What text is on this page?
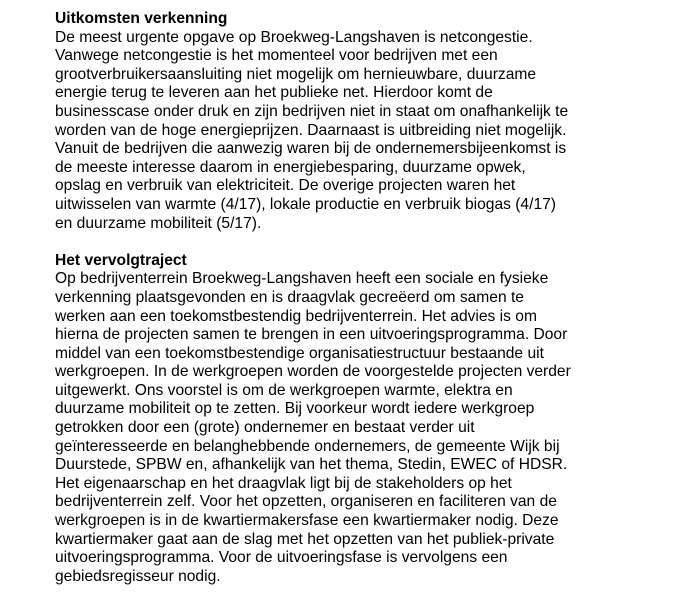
Uitkomsten verkenning
De meest urgente opgave op Broekweg-Langshaven is netcongestie.
Vanwege netcongestie is het momenteel voor bedrijven met een
grootverbruikersaansluiting niet mogelijk om hernieuwbare, duurzame
energie terug te leveren aan het publieke net. Hierdoor komt de
businesscase onder druk en zijn bedrijven niet in staat om onafhankelijk te
worden van de hoge energieprijzen. Daarnaast is uitbreiding niet mogelijk.
Vanuit de bedrijven die aanwezig waren bij de ondernemersbijeenkomst is
de meeste interesse daarom in energiebesparing, duurzame opwek,
opslag en verbruik van elektriciteit. De overige projecten waren het
uitwisselen van warmte (4/17), lokale productie en verbruik biogas (4/17)
en duurzame mobiliteit (5/17).
Het vervolgtraject
Op bedrijventerrein Broekweg-Langshaven heeft een sociale en fysieke
verkenning plaatsgevonden en is draagvlak gecreëerd om samen te
werken aan een toekomstbestendig bedrijventerrein. Het advies is om
hierna de projecten samen te brengen in een uitvoeringsprogramma. Door
middel van een toekomstbestendige organisatiestructuur bestaande uit
werkgroepen. In de werkgroepen worden de voorgestelde projecten verder
uitgewerkt. Ons voorstel is om de werkgroepen warmte, elektra en
duurzame mobiliteit op te zetten. Bij voorkeur wordt iedere werkgroep
getrokken door een (grote) ondernemer en bestaat verder uit
geïnteresseerde en belanghebbende ondernemers, de gemeente Wijk bij
Duurstede, SPBW en, afhankelijk van het thema, Stedin, EWEC of HDSR.
Het eigenaarschap en het draagvlak ligt bij de stakeholders op het
bedrijventerrein zelf. Voor het opzetten, organiseren en faciliteren van de
werkgroepen is in de kwartiermakersfase een kwartiermaker nodig. Deze
kwartiermaker gaat aan de slag met het opzetten van het publiek-private
uitvoeringsprogramma. Voor de uitvoeringsfase is vervolgens een
gebiedsregisseur nodig.
